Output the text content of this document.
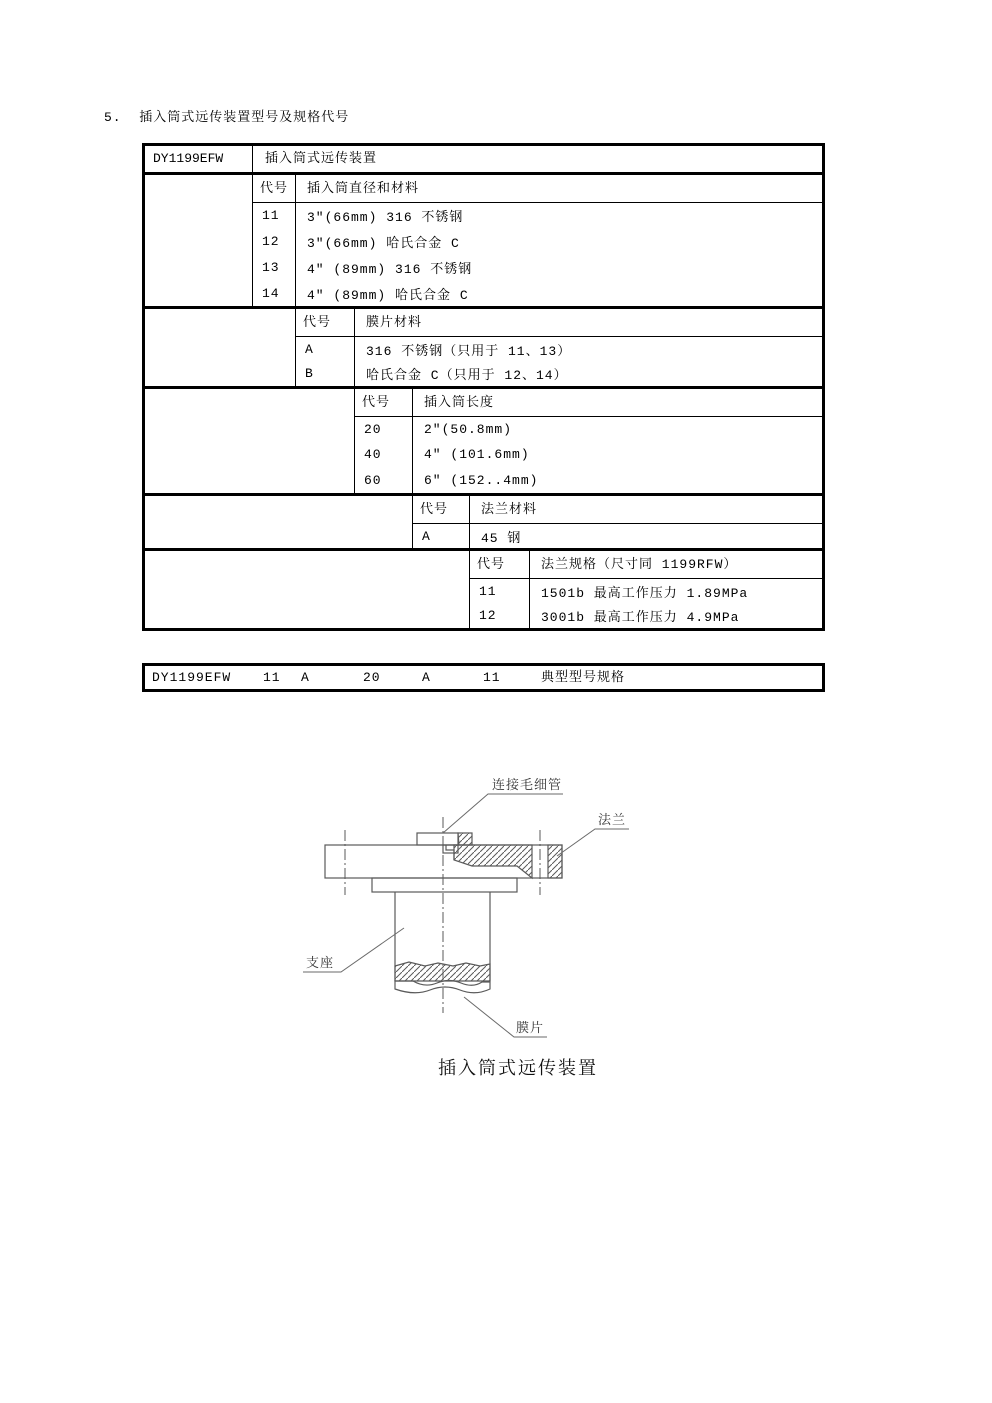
5.  插入筒式远传装置型号及规格代号
DY1199EFW	插入筒式远传装置
代号 插入筒直径和材料
11	3″(66mm) 316 不锈钢
12	3″(66mm) 哈氏合金 C
13	4″ (89mm) 316 不锈钢
14	4″ (89mm) 哈氏合金 C
代号	膜片材料
A	316 不锈钢（只用于 11、13）
B	哈氏合金 C（只用于 12、14）
代号	插入筒长度
20	2″(50.8mm)
40	4″ (101.6mm)
60	6″ (152..4mm)
代号	法兰材料
A	45 钢
代号	法兰规格（尺寸同 1199RFW）
11	1501b 最高工作压力 1.89MPa
12	3001b 最高工作压力 4.9MPa
DY1199EFW 11 A	20	A	11	典型型号规格
连接毛细管
法兰
支座
膜片
插入筒式远传装置
